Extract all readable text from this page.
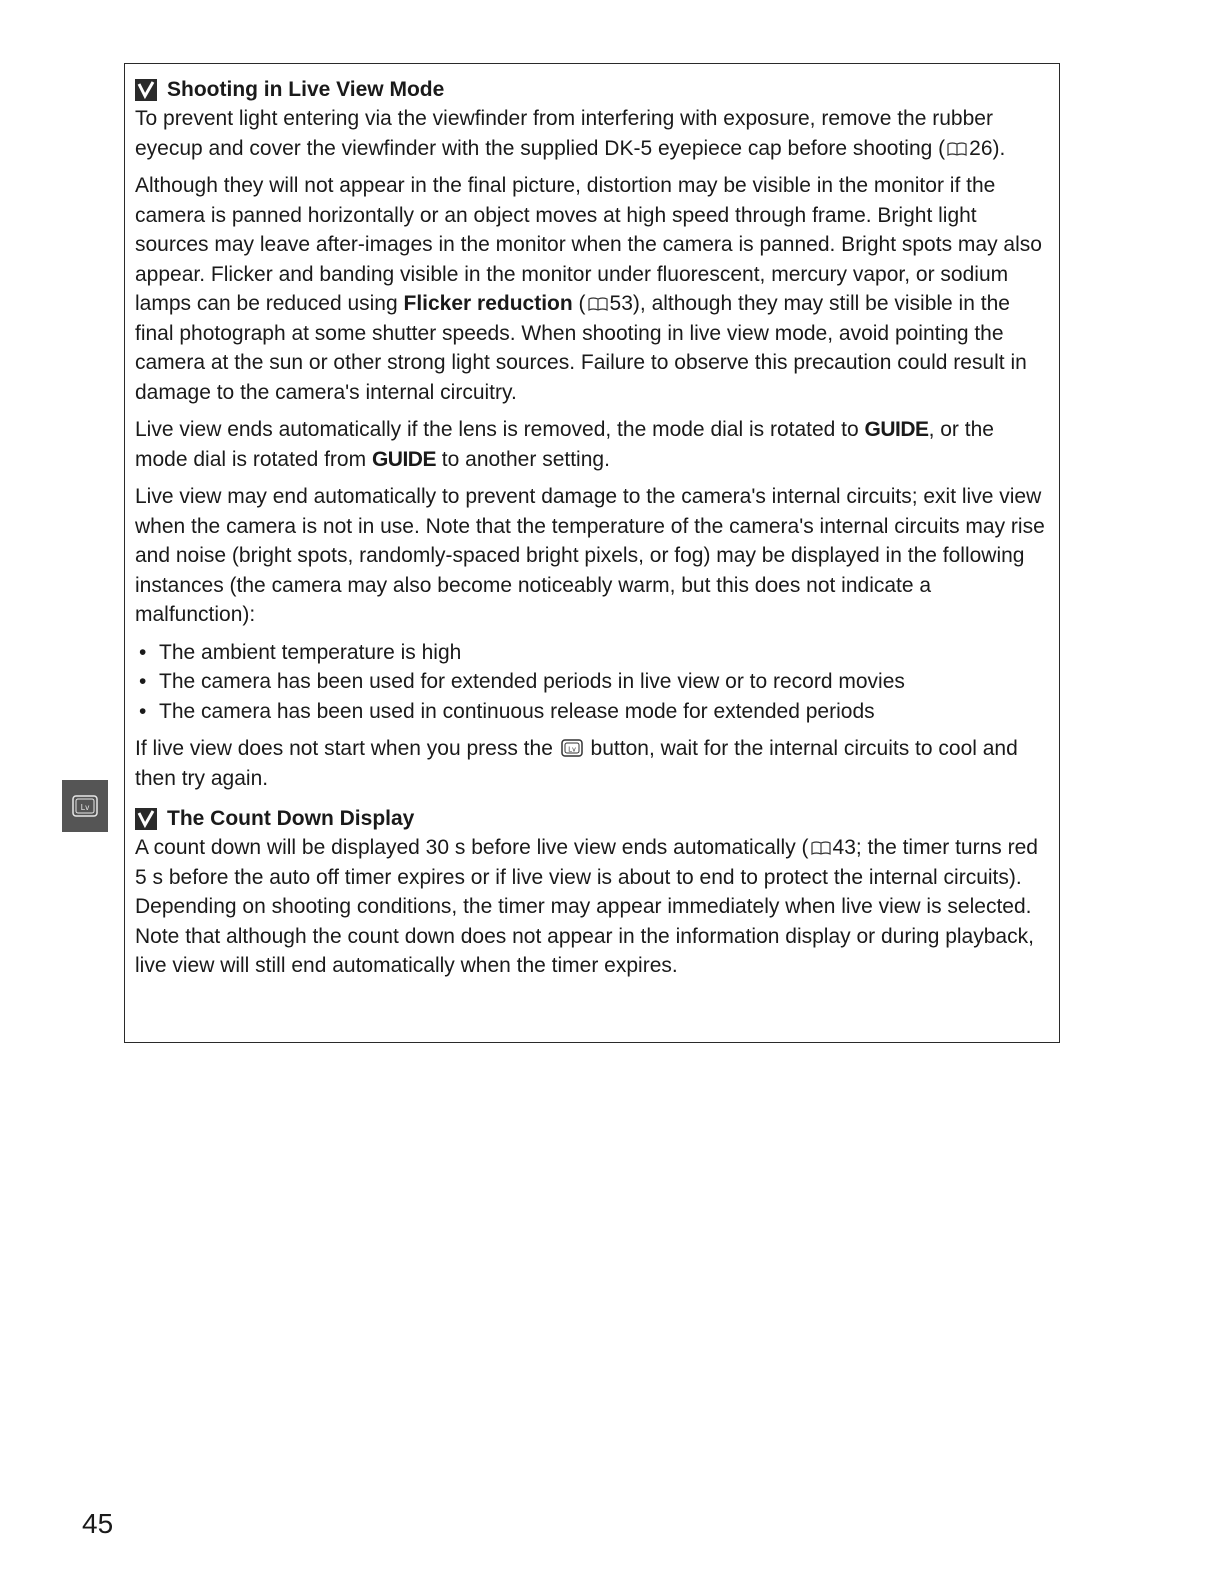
Shooting in Live View Mode

To prevent light entering via the viewfinder from interfering with exposure, remove the rubber eyecup and cover the viewfinder with the supplied DK-5 eyepiece cap before shooting ( 26).

Although they will not appear in the final picture, distortion may be visible in the monitor if the camera is panned horizontally or an object moves at high speed through frame. Bright light sources may leave after-images in the monitor when the camera is panned. Bright spots may also appear. Flicker and banding visible in the monitor under fluorescent, mercury vapor, or sodium lamps can be reduced using Flicker reduction ( 53), although they may still be visible in the final photograph at some shutter speeds. When shooting in live view mode, avoid pointing the camera at the sun or other strong light sources. Failure to observe this precaution could result in damage to the camera's internal circuitry.

Live view ends automatically if the lens is removed, the mode dial is rotated to GUIDE, or the mode dial is rotated from GUIDE to another setting.

Live view may end automatically to prevent damage to the camera's internal circuits; exit live view when the camera is not in use. Note that the temperature of the camera's internal circuits may rise and noise (bright spots, randomly-spaced bright pixels, or fog) may be displayed in the following instances (the camera may also become noticeably warm, but this does not indicate a malfunction):

• The ambient temperature is high
• The camera has been used for extended periods in live view or to record movies
• The camera has been used in continuous release mode for extended periods

If live view does not start when you press the Lv button, wait for the internal circuits to cool and then try again.

The Count Down Display

A count down will be displayed 30 s before live view ends automatically ( 43; the timer turns red 5 s before the auto off timer expires or if live view is about to end to protect the internal circuits). Depending on shooting conditions, the timer may appear immediately when live view is selected. Note that although the count down does not appear in the information display or during playback, live view will still end automatically when the timer expires.

Lv
45
